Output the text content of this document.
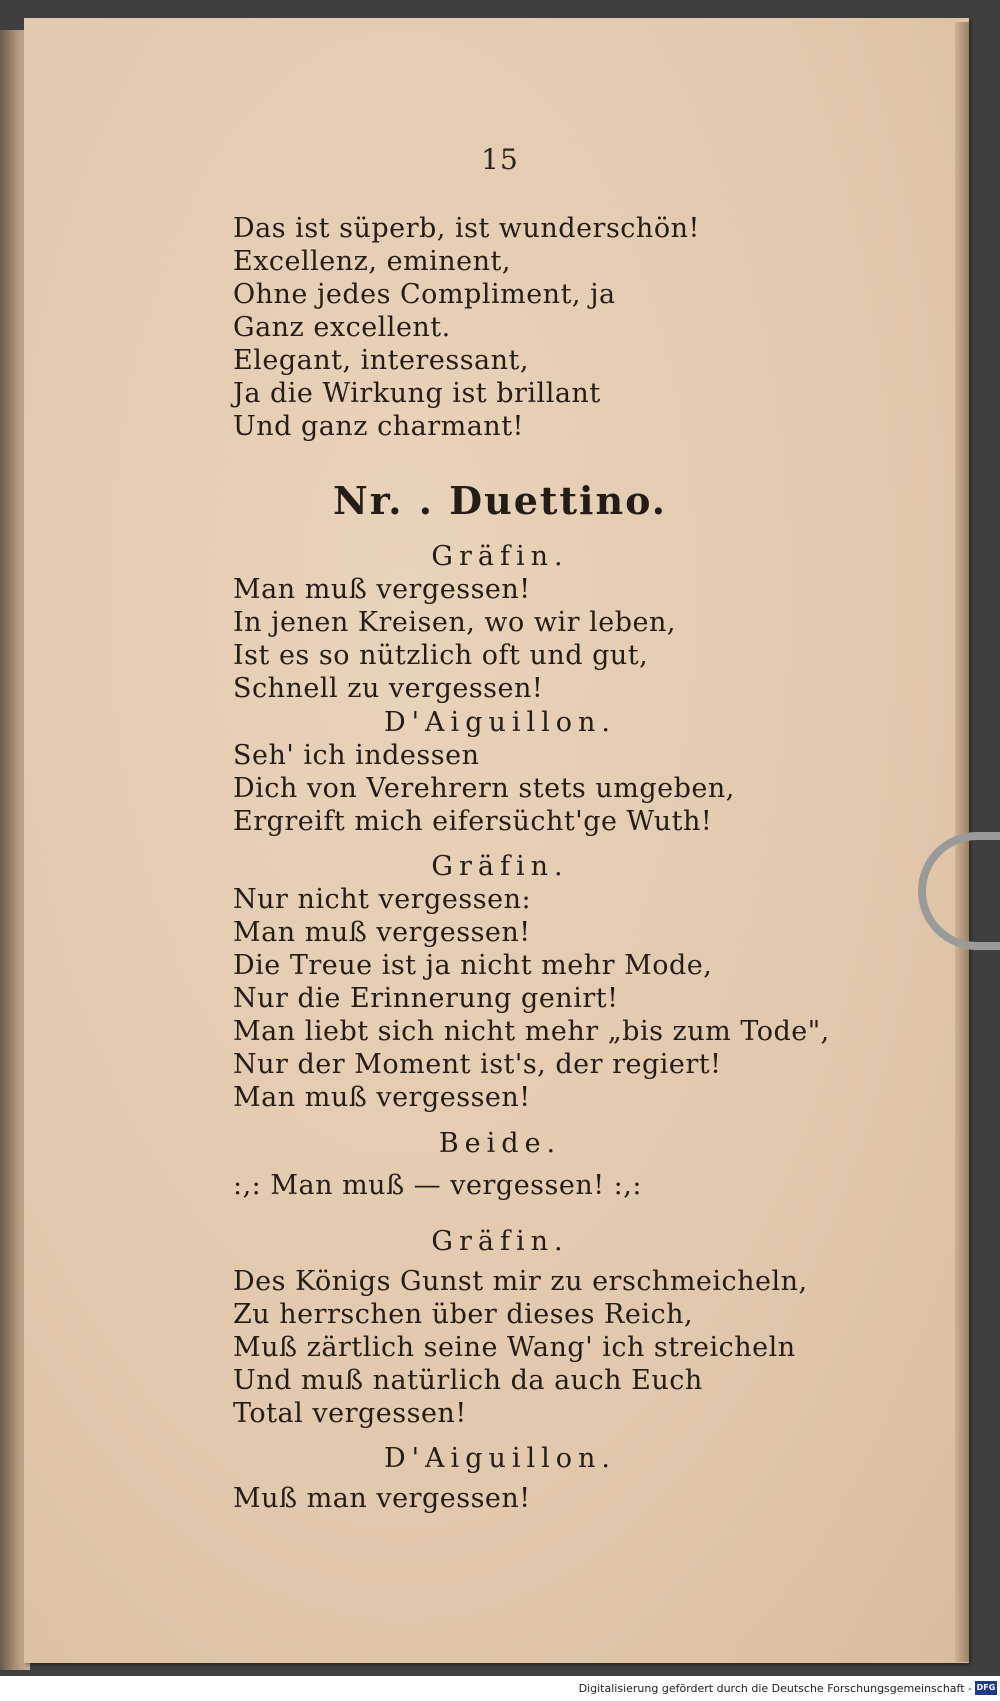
15
Das ist süperb, ist wunderschön!
Excellenz, eminent,
Ohne jedes Compliment, ja
Ganz excellent.
Elegant, interessant,
Ja die Wirkung ist brillant
Und ganz charmant!
Nr. . Duettino.
Gräfin.
Man muß vergessen!
In jenen Kreisen, wo wir leben,
Ist es so nützlich oft und gut,
Schnell zu vergessen!
D'Aiguillon.
Seh' ich indessen
Dich von Verehrern stets umgeben,
Ergreift mich eifersücht'ge Wuth!
Gräfin.
Nur nicht vergessen:
Man muß vergessen!
Die Treue ist ja nicht mehr Mode,
Nur die Erinnerung genirt!
Man liebt sich nicht mehr „bis zum Tode",
Nur der Moment ist's, der regiert!
Man muß vergessen!
Beide.
:,: Man muß — vergessen! :,:
Gräfin.
Des Königs Gunst mir zu erschmeicheln,
Zu herrschen über dieses Reich,
Muß zärtlich seine Wang' ich streicheln
Und muß natürlich da auch Euch
Total vergessen!
D'Aiguillon.
Muß man vergessen!
Digitalisierung gefördert durch die Deutsche Forschungsgemeinschaft - DFG
